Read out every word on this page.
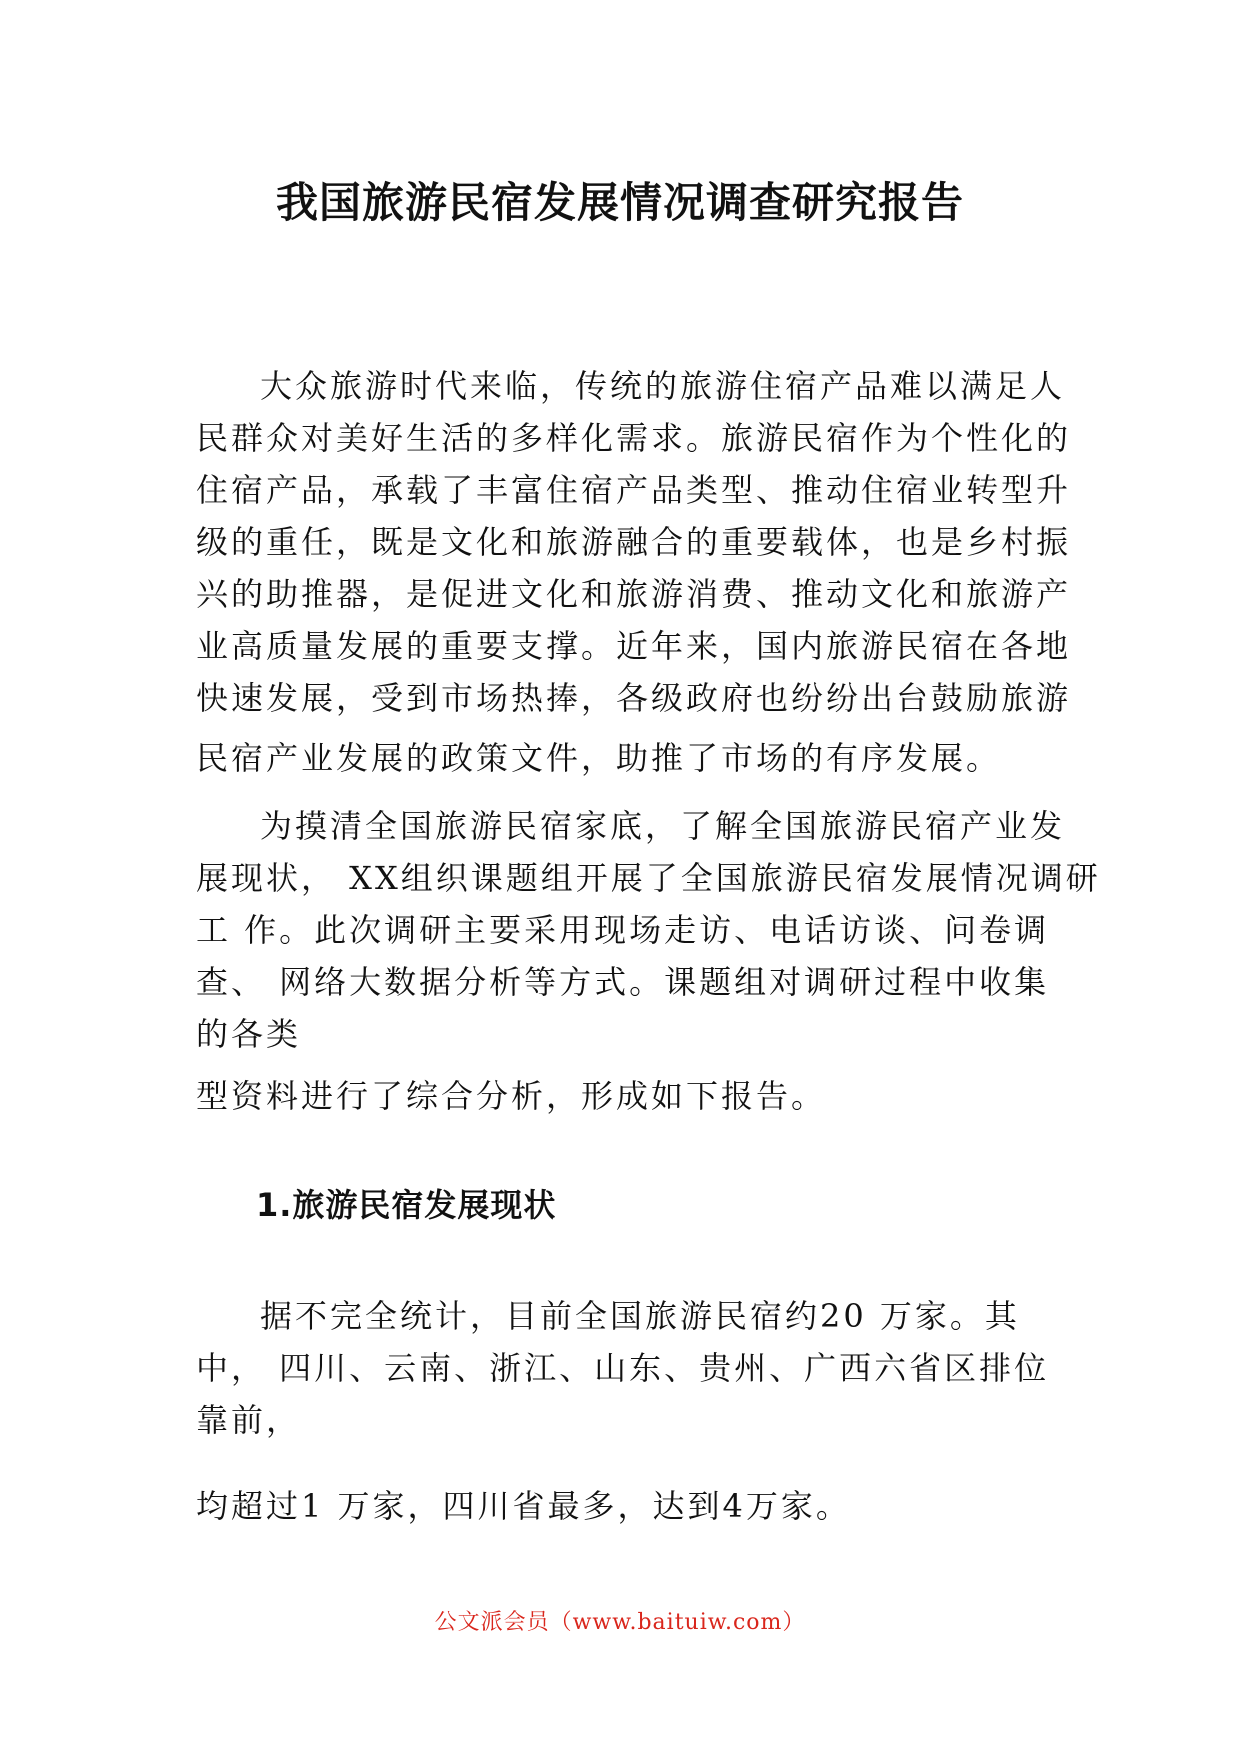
我国旅游民宿发展情况调查研究报告
大众旅游时代来临，传统的旅游住宿产品难以满足人
民群众对美好生活的多样化需求。旅游民宿作为个性化的
住宿产品，承载了丰富住宿产品类型、推动住宿业转型升
级的重任，既是文化和旅游融合的重要载体，也是乡村振
兴的助推器，是促进文化和旅游消费、推动文化和旅游产
业高质量发展的重要支撑。近年来，国内旅游民宿在各地
快速发展，受到市场热捧，各级政府也纷纷出台鼓励旅游
民宿产业发展的政策文件，助推了市场的有序发展。
为摸清全国旅游民宿家底，了解全国旅游民宿产业发
展现状， XX组织课题组开展了全国旅游民宿发展情况调研
工 作。此次调研主要采用现场走访、电话访谈、问卷调
查、 网络大数据分析等方式。课题组对调研过程中收集
的各类
型资料进行了综合分析，形成如下报告。
1.旅游民宿发展现状
据不完全统计，目前全国旅游民宿约20 万家。其
中， 四川、云南、浙江、山东、贵州、广西六省区排位
靠前，
均超过1 万家，四川省最多，达到4万家。
公文派会员（www.baituiw.com）
